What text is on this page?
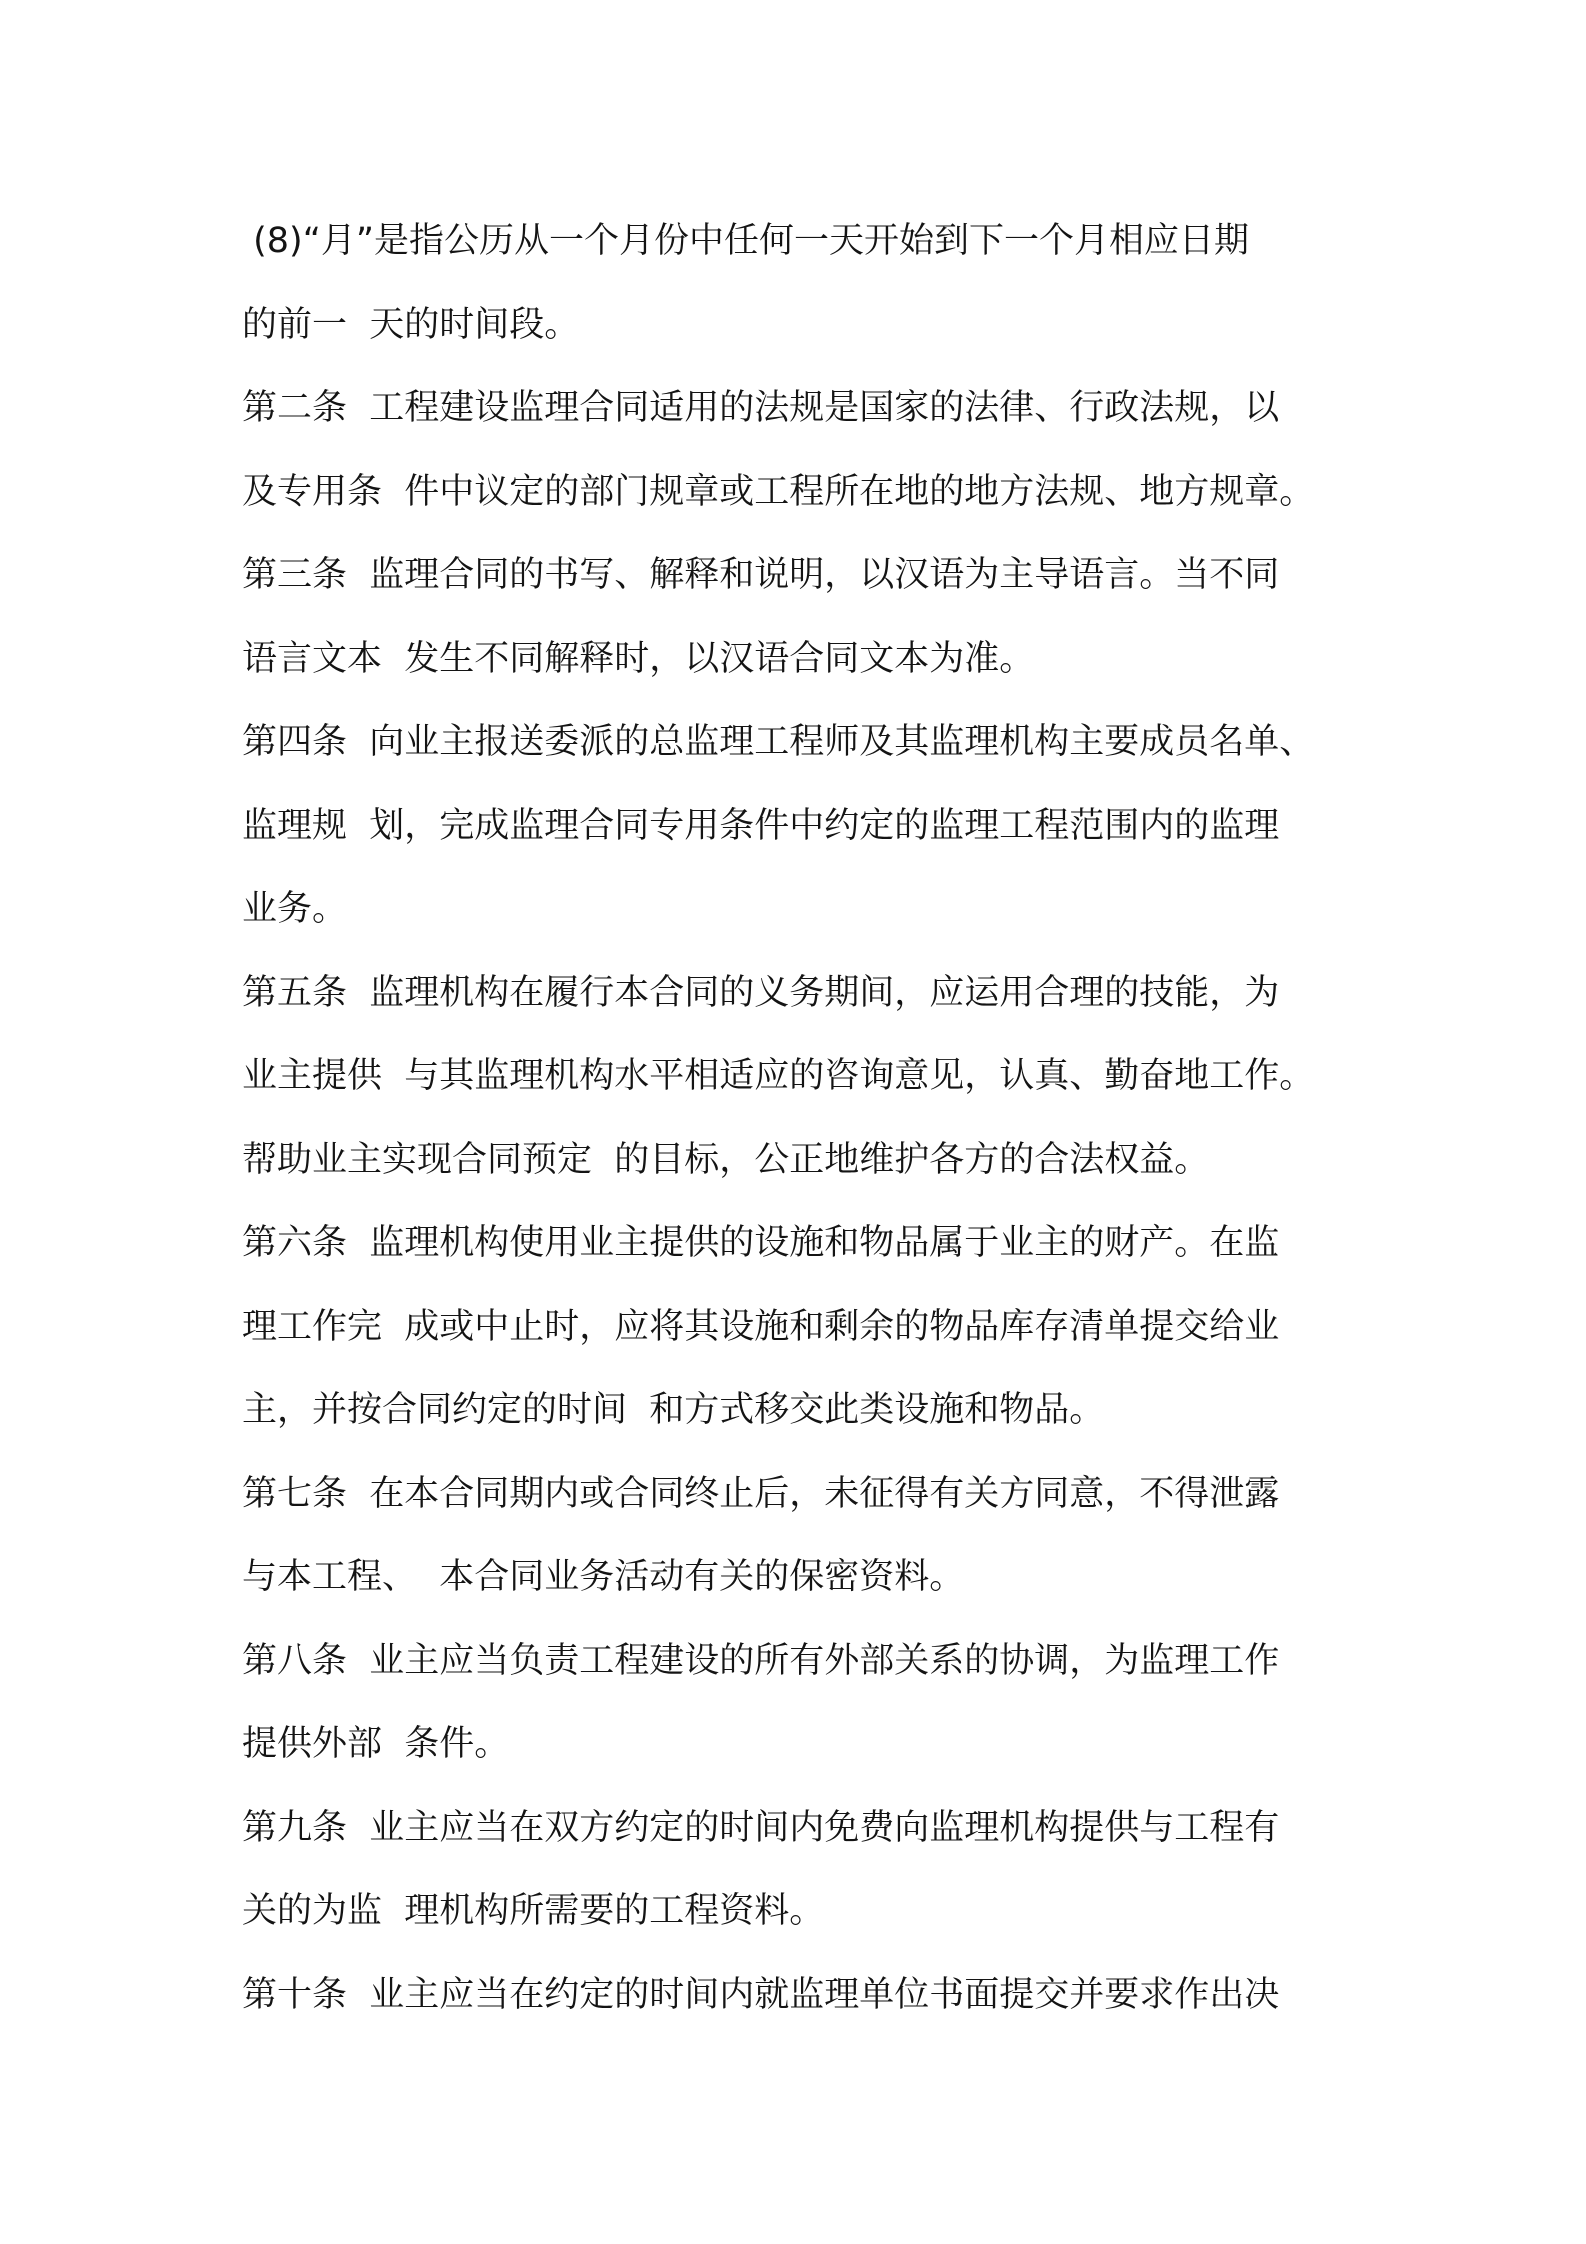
(8)“月”是指公历从一个月份中任何一天开始到下一个月相应日期
的前一  天的时间段。
第二条  工程建设监理合同适用的法规是国家的法律、行政法规，以
及专用条  件中议定的部门规章或工程所在地的地方法规、地方规章。
第三条  监理合同的书写、解释和说明，以汉语为主导语言。当不同
语言文本  发生不同解释时，以汉语合同文本为准。
第四条  向业主报送委派的总监理工程师及其监理机构主要成员名单、
监理规  划，完成监理合同专用条件中约定的监理工程范围内的监理
业务。
第五条  监理机构在履行本合同的义务期间，应运用合理的技能，为
业主提供  与其监理机构水平相适应的咨询意见，认真、勤奋地工作。
帮助业主实现合同预定  的目标，公正地维护各方的合法权益。
第六条  监理机构使用业主提供的设施和物品属于业主的财产。在监
理工作完  成或中止时，应将其设施和剩余的物品库存清单提交给业
主，并按合同约定的时间  和方式移交此类设施和物品。
第七条  在本合同期内或合同终止后，未征得有关方同意，不得泄露
与本工程、  本合同业务活动有关的保密资料。
第八条  业主应当负责工程建设的所有外部关系的协调，为监理工作
提供外部  条件。
第九条  业主应当在双方约定的时间内免费向监理机构提供与工程有
关的为监  理机构所需要的工程资料。
第十条  业主应当在约定的时间内就监理单位书面提交并要求作出决
